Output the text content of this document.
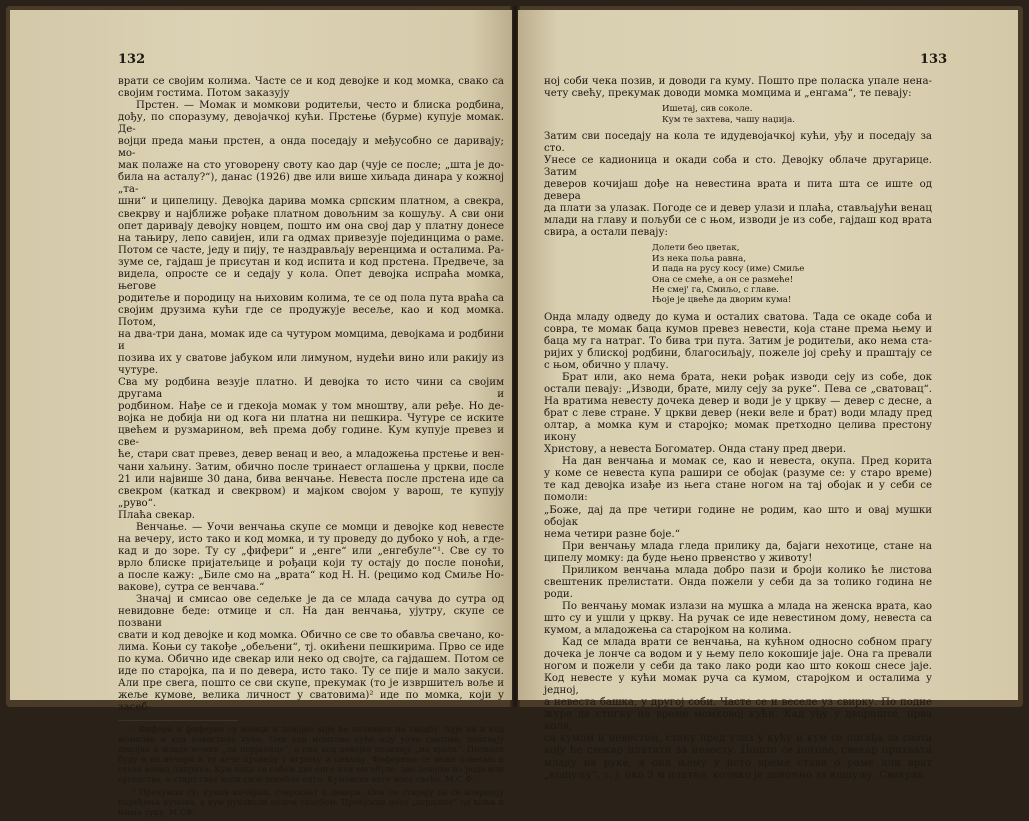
132
врати се својим колима. Часте се и код девојке и код момка, свако са
својим гостима. Потом заказују
Прстен. — Момак и момкови родитељи, често и блиска родбина,
дођу, по споразуму, девојачкој кући. Прстење (бурме) купује момак. Де-
војци преда мањи прстен, а онда поседају и међусобно се даривају; мо-
мак полаже на сто уговорену своту као дар (чује се после; „шта је до-
била на асталу?“), данас (1926) две или више хиљада динара у кожној „та-
шни“ и ципелицу. Девојка дарива момка српским платном, а свекра,
свекрву и најближе рођаке платном довољним за кошуљу. А сви они
опет даривају девојку новцем, пошто им она свој дар у платну донесе
на тањиру, лепо савијен, или га одмах привезује појединцима о раме.
Потом се часте, једу и пију, те наздрављају веренцима и осталима. Ра-
зуме се, гајдаш је присутан и код испита и код прстена. Предвече, за
видела, опросте се и седају у кола. Опет девојка испраћа момка, његове
родитеље и породицу на њиховим колима, те се од пола пута враћа са
својим друзима кући где се продужује весеље, као и код момка. Потом,
на два-три дана, момак иде са чутуром момцима, девојкама и родбини и
позива их у сватове јабуком или лимуном, нудећи вино или ракију из чутуре.
Сва му родбина везује платно. И девојка то исто чини са својим другама и
родбином. Нађе се и гдекоја момак у том мноштву, али ређе. Но де-
војка не добија ни од кога ни платна ни пешкира. Чутуре се иските
цвећем и рузмарином, већ према добу године. Кум купује превез и све-
ће, стари сват превез, девер венац и вео, а младожења прстење и вен-
чани хаљину. Затим, обично после тринаест оглашења у цркви, после
21 или највише 30 дана, бива венчање. Невеста после прстена иде са
свекром (каткад и свекрвом) и мајком својом у варош, те купују „руво“.
Плаћа свекар.
Венчање. — Уочи венчања скупе се момци и девојке код невесте
на вечеру, исто тако и код момка, и ту проведу до дубоко у ноћ, а где-
кад и до зоре. Ту су „фифери“ и „енге“ или „енгебуле“¹. Све су то
врло блиске пријатељице и рођаци који ту остају до после поноћи,
а после кажу: „Биле смо на „врата“ код Н. Н. (рецимо код Смиље Но-
вакове), сутра се венчава.“
Значај и смисао ове седељке је да се млада сачува до сутра од
невидовне беде: отмице и сл. На дан венчања, ујутру, скупе се позвани
свати и код девојке и код момка. Обично се све то обавља свечано, ко-
лима. Коњи су такође „обељени“, тј. окићени пешкирима. Прво се иде
по кума. Обично иде свекар или неко од својте, са гајдашем. Потом се
иде по старојка, па и по девера, исто тако. Ту се пије и мало закуси.
Али пре свега, пошто се сви скупе, прекумак (то је извршитељ воље и
жеље кумове, велика личност у сватовима)² иде по момка, који у засеб-

¹ Фифери и фиферке су момци и девојке које ће позивати на свадбу. Бује их и код момкове и код невестине куће. Они код момкове куће иду уочи сватова, позивају девојке и младе момке „на перјанице“, а они код девојке позивају „на врата“. Позвани буду и на вечери и то вече проведу у игрању и певању. Фиферима се веже повесмо и стави венац паприка. Кум води са собом две енге или енгебуле, две девојке из рода или суседства, а старт сват води свое посебне енге. Кумовске енге носе свеће. М.С.Ф.

² Прекумци су: кумов кочијаш, старосват и девери. Они се старају да се извршују наређења кумова, а кум руководи целом свадбом. Прекумци носе „огрљине“ од коња и њима туку. М.СФ.

133
ној соби чека позив, и доводи га куму. Пошто пре поласка упале нена-
чету свећу, прекумак доводи момка момцима и „енгама“, те певају:
Ишетај, сив соколе.
Кум те захтева, чашу наџија.
Затим сви поседају на кола те идудевојачкој кући, уђу и поседају за сто.
Унесе се кадионица и окади соба и сто. Девојку облаче другарице. Затим
деверов кочијаш дође на невестина врата и пита шта се иште од девера
да плати за улазак. Погоде се и девер улази и плаћа, стављајући венац
млади на главу и пољуби се с њом, изводи је из собе, гајдаш код врата
свира, а остали певају:
Долети бео цветак,
Из нека поља равна,
И пада на русу косу (име) Смиље
Она се смеће, а он се размеће!
Не смеј' га, Смиљо, с главе.
Њоје је цвеће да дворим кума!
Онда младу одведу до кума и осталих сватова. Тада се окаде соба и
совра, те момак баца кумов превез невести, која стане према њему и
баца му га натраг. То бива три пута. Затим је родитељи, ако нема ста-
ријих у блиској родбини, благосиљају, пожеле јој срећу и праштају се
с њом, обично у плачу.
Брат или, ако нема брата, неки рођак изводи сеју из собе, док
остали певају: „Изводи, брате, милу сеју за руке“. Пева се „сватовац“.
На вратима невесту дочека девер и води је у цркву — девер с десне, а
брат с леве стране. У цркви девер (неки веле и брат) води младу пред
олтар, а момка кум и старојко; момак претходно целива престону икону
Христову, а невеста Богоматер. Онда стану пред двери.
На дан венчања и момак се, као и невеста, окупа. Пред корита
у коме се невеста купа рашири се обојак (разуме се: у старо време)
те кад девојка изађе из њега стане ногом на тај обојак и у себи се помоли:
„Боже, дај да пре четири године не родим, као што и овај мушки обојак
нема четири разне боје.“
При венчању млада гледа прилику да, бајаги нехотице, стане на
ципелу момку: да буде њено првенство у животу!
Приликом венчања млада добро пази и броји колико ће листова
свештеник прелистати. Онда пожели у себи да за толико година не роди.
По венчању момак излази на мушка а млада на женска врата, као
што су и ушли у цркву. На ручак се иде невестином дому, невеста са
кумом, а младожења са старојком на колима.
Кад се млада врати се венчања, на кућном односно собном прагу
дочека је лонче са водом и у њему пело кокошије јаје. Она га превали
ногом и пожели у себи да тако лако роди као што кокош снесе јаје.
Код невесте у кући момак руча са кумом, старојком и осталима у једној,
а невеста башка, у другој соби. Часте се и веселе уз свирку. По подне
журе да стигну на време момковој кући. Кад уђу у двориште, прва кола,
са кумом и невестом, стану пред улаз у кућу и кум се погађа за свота
коју ће свекар платити за невесту. Пошто се погоде, свекар прихвати
младу на руке, а она њему у исто време стави о раме или врат
„кошуљу“, т. ј. око 3 м платна, колико је довољно за кошуљу. Свекрва
